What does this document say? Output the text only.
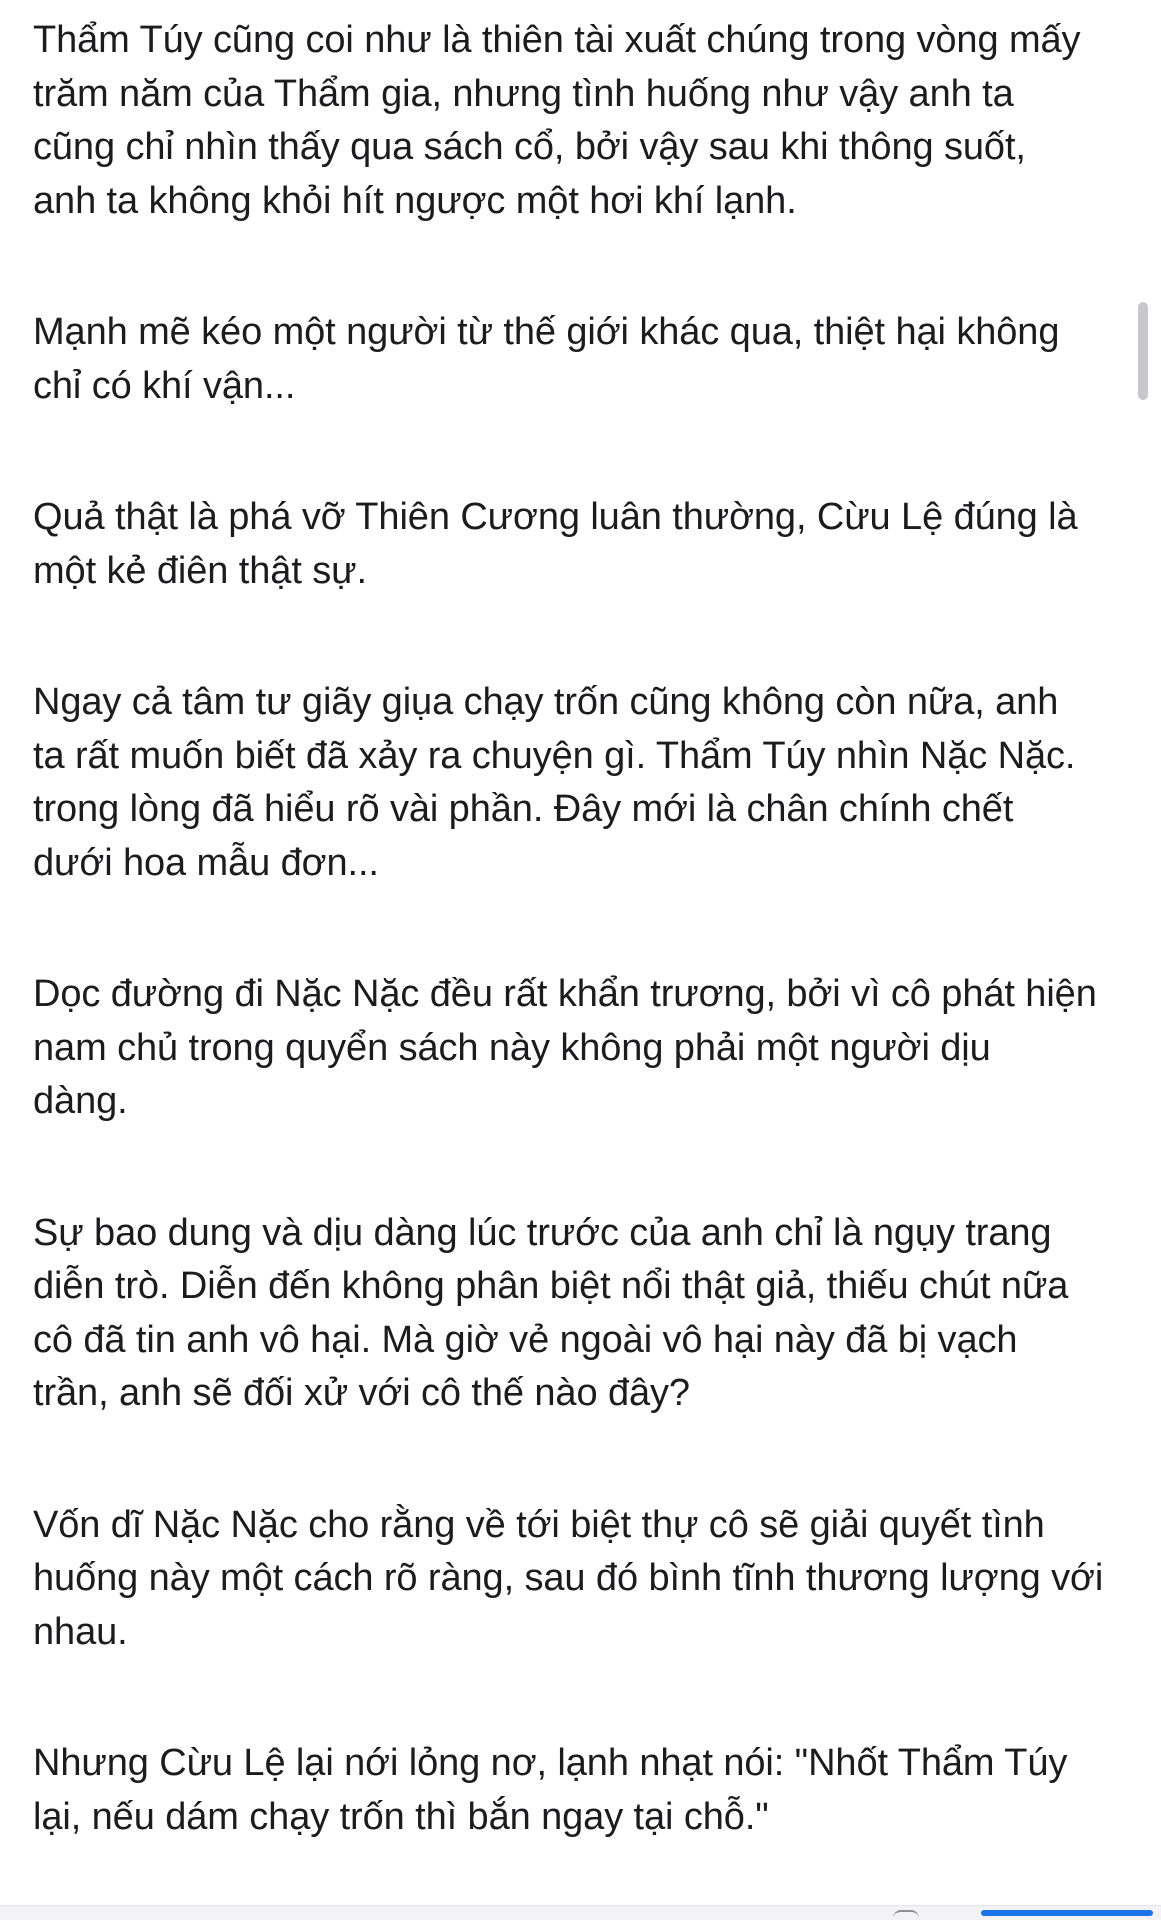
Thẩm Túy cũng coi như là thiên tài xuất chúng trong vòng mấy
trăm năm của Thẩm gia, nhưng tình huống như vậy anh ta
cũng chỉ nhìn thấy qua sách cổ, bởi vậy sau khi thông suốt,
anh ta không khỏi hít ngược một hơi khí lạnh.

Mạnh mẽ kéo một người từ thế giới khác qua, thiệt hại không
chỉ có khí vận...

Quả thật là phá vỡ Thiên Cương luân thường, Cừu Lệ đúng là
một kẻ điên thật sự.

Ngay cả tâm tư giãy giụa chạy trốn cũng không còn nữa, anh
ta rất muốn biết đã xảy ra chuyện gì. Thẩm Túy nhìn Nặc Nặc.
trong lòng đã hiểu rõ vài phần. Đây mới là chân chính chết
dưới hoa mẫu đơn...

Dọc đường đi Nặc Nặc đều rất khẩn trương, bởi vì cô phát hiện
nam chủ trong quyển sách này không phải một người dịu
dàng.

Sự bao dung và dịu dàng lúc trước của anh chỉ là ngụy trang
diễn trò. Diễn đến không phân biệt nổi thật giả, thiếu chút nữa
cô đã tin anh vô hại. Mà giờ vẻ ngoài vô hại này đã bị vạch
trần, anh sẽ đối xử với cô thế nào đây?

Vốn dĩ Nặc Nặc cho rằng về tới biệt thự cô sẽ giải quyết tình
huống này một cách rõ ràng, sau đó bình tĩnh thương lượng với
nhau.

Nhưng Cừu Lệ lại nới lỏng nơ, lạnh nhạt nói: "Nhốt Thẩm Túy
lại, nếu dám chạy trốn thì bắn ngay tại chỗ."
